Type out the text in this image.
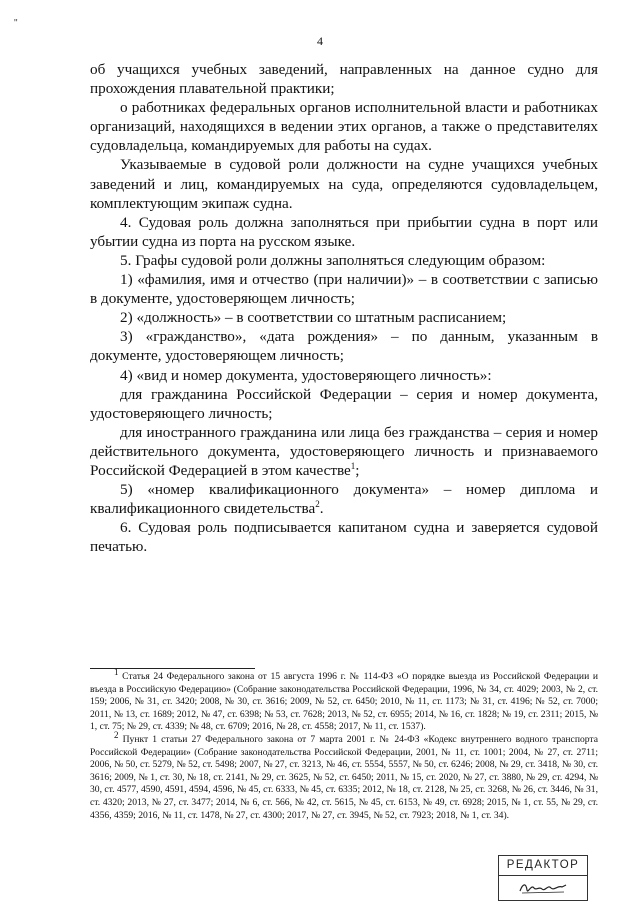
"
4

об учащихся учебных заведений, направленных на данное судно для прохождения плавательной практики;

о работниках федеральных органов исполнительной власти и работниках организаций, находящихся в ведении этих органов, а также о представителях судовладельца, командируемых для работы на судах.

Указываемые в судовой роли должности на судне учащихся учебных заведений и лиц, командируемых на суда, определяются судовладельцем, комплектующим экипаж судна.

4. Судовая роль должна заполняться при прибытии судна в порт или убытии судна из порта на русском языке.

5. Графы судовой роли должны заполняться следующим образом:

1) «фамилия, имя и отчество (при наличии)» – в соответствии с записью в документе, удостоверяющем личность;

2) «должность» – в соответствии со штатным расписанием;

3) «гражданство», «дата рождения» – по данным, указанным в документе, удостоверяющем личность;

4) «вид и номер документа, удостоверяющего личность»:

для гражданина Российской Федерации – серия и номер документа, удостоверяющего личность;

для иностранного гражданина или лица без гражданства – серия и номер действительного документа, удостоверяющего личность и признаваемого Российской Федерацией в этом качестве$^1$;

5) «номер квалификационного документа» – номер диплома и квалификационного свидетельства$^2$.

6. Судовая роль подписывается капитаном судна и заверяется судовой печатью.

$^1$ Статья 24 Федерального закона от 15 августа 1996 г. № 114-ФЗ «О порядке выезда из Российской Федерации и въезда в Российскую Федерацию» (Собрание законодательства Российской Федерации, 1996, № 34, ст. 4029; 2003, № 2, ст. 159; 2006, № 31, ст. 3420; 2008, № 30, ст. 3616; 2009, № 52, ст. 6450; 2010, № 11, ст. 1173; № 31, ст. 4196; № 52, ст. 7000; 2011, № 13, ст. 1689; 2012, № 47, ст. 6398; № 53, ст. 7628; 2013, № 52, ст. 6955; 2014, № 16, ст. 1828; № 19, ст. 2311; 2015, № 1, ст. 75; № 29, ст. 4339; № 48, ст. 6709; 2016, № 28, ст. 4558; 2017, № 11, ст. 1537).

$^2$ Пункт 1 статьи 27 Федерального закона от 7 марта 2001 г. № 24-ФЗ «Кодекс внутреннего водного транспорта Российской Федерации» (Собрание законодательства Российской Федерации, 2001, № 11, ст. 1001; 2004, № 27, ст. 2711; 2006, № 50, ст. 5279, № 52, ст. 5498; 2007, № 27, ст. 3213, № 46, ст. 5554, 5557, № 50, ст. 6246; 2008, № 29, ст. 3418, № 30, ст. 3616; 2009, № 1, ст. 30, № 18, ст. 2141, № 29, ст. 3625, № 52, ст. 6450; 2011, № 15, ст. 2020, № 27, ст. 3880, № 29, ст. 4294, № 30, ст. 4577, 4590, 4591, 4594, 4596, № 45, ст. 6333, № 45, ст. 6335; 2012, № 18, ст. 2128, № 25, ст. 3268, № 26, ст. 3446, № 31, ст. 4320; 2013, № 27, ст. 3477; 2014, № 6, ст. 566, № 42, ст. 5615, № 45, ст. 6153, № 49, ст. 6928; 2015, № 1, ст. 55, № 29, ст. 4356, 4359; 2016, № 11, ст. 1478, № 27, ст. 4300; 2017, № 27, ст. 3945, № 52, ст. 7923; 2018, № 1, ст. 34).

РЕДАКТОР
